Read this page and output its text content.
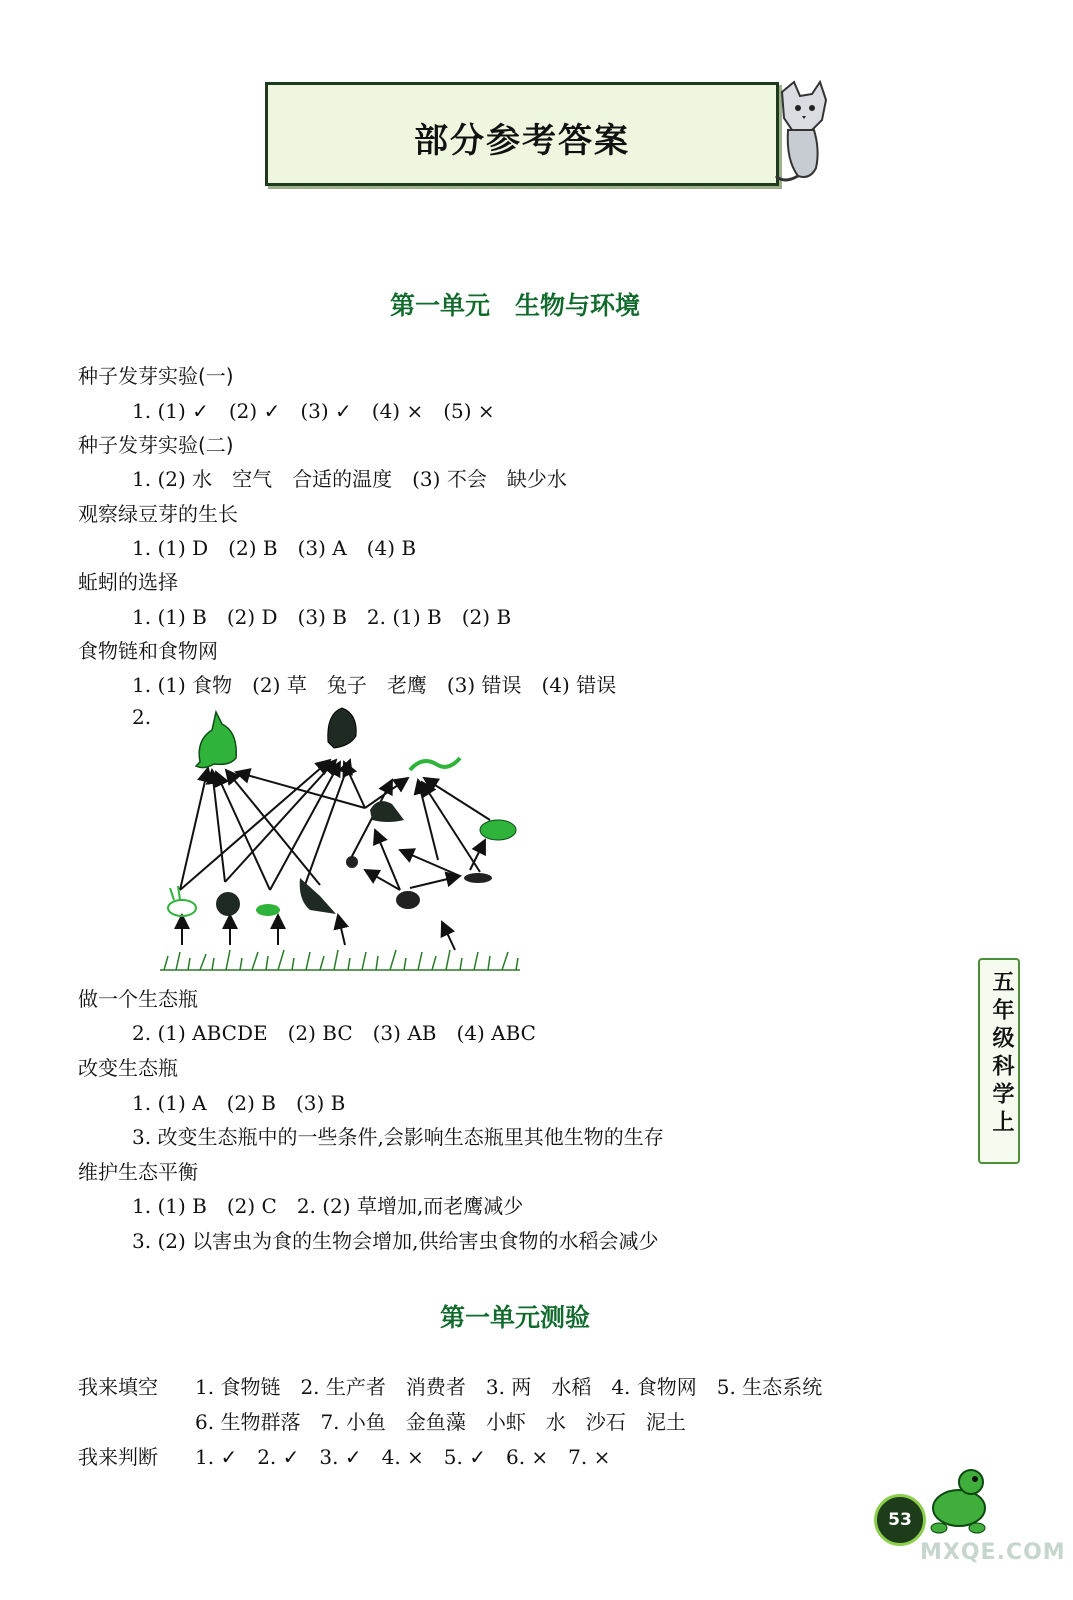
部分参考答案
第一单元　生物与环境
种子发芽实验(一)
1. (1) ✓　(2) ✓　(3) ✓　(4) ×　(5) ×
种子发芽实验(二)
1. (2) 水　空气　合适的温度　(3) 不会　缺少水
观察绿豆芽的生长
1. (1) D　(2) B　(3) A　(4) B
蚯蚓的选择
1. (1) B　(2) D　(3) B　2. (1) B　(2) B
食物链和食物网
1. (1) 食物　(2) 草　兔子　老鹰　(3) 错误　(4) 错误
2.
做一个生态瓶
2. (1) ABCDE　(2) BC　(3) AB　(4) ABC
改变生态瓶
1. (1) A　(2) B　(3) B
3. 改变生态瓶中的一些条件,会影响生态瓶里其他生物的生存
维护生态平衡
1. (1) B　(2) C　2. (2) 草增加,而老鹰减少
3. (2) 以害虫为食的生物会增加,供给害虫食物的水稻会减少
第一单元测验
我来填空 1. 食物链　2. 生产者　消费者　3. 两　水稻　4. 食物网　5. 生态系统
6. 生物群落　7. 小鱼　金鱼藻　小虾　水　沙石　泥土
我来判断 1. ✓　2. ✓　3. ✓　4. ×　5. ✓　6. ×　7. ×
五年级科学上
53
MXQE.COM
